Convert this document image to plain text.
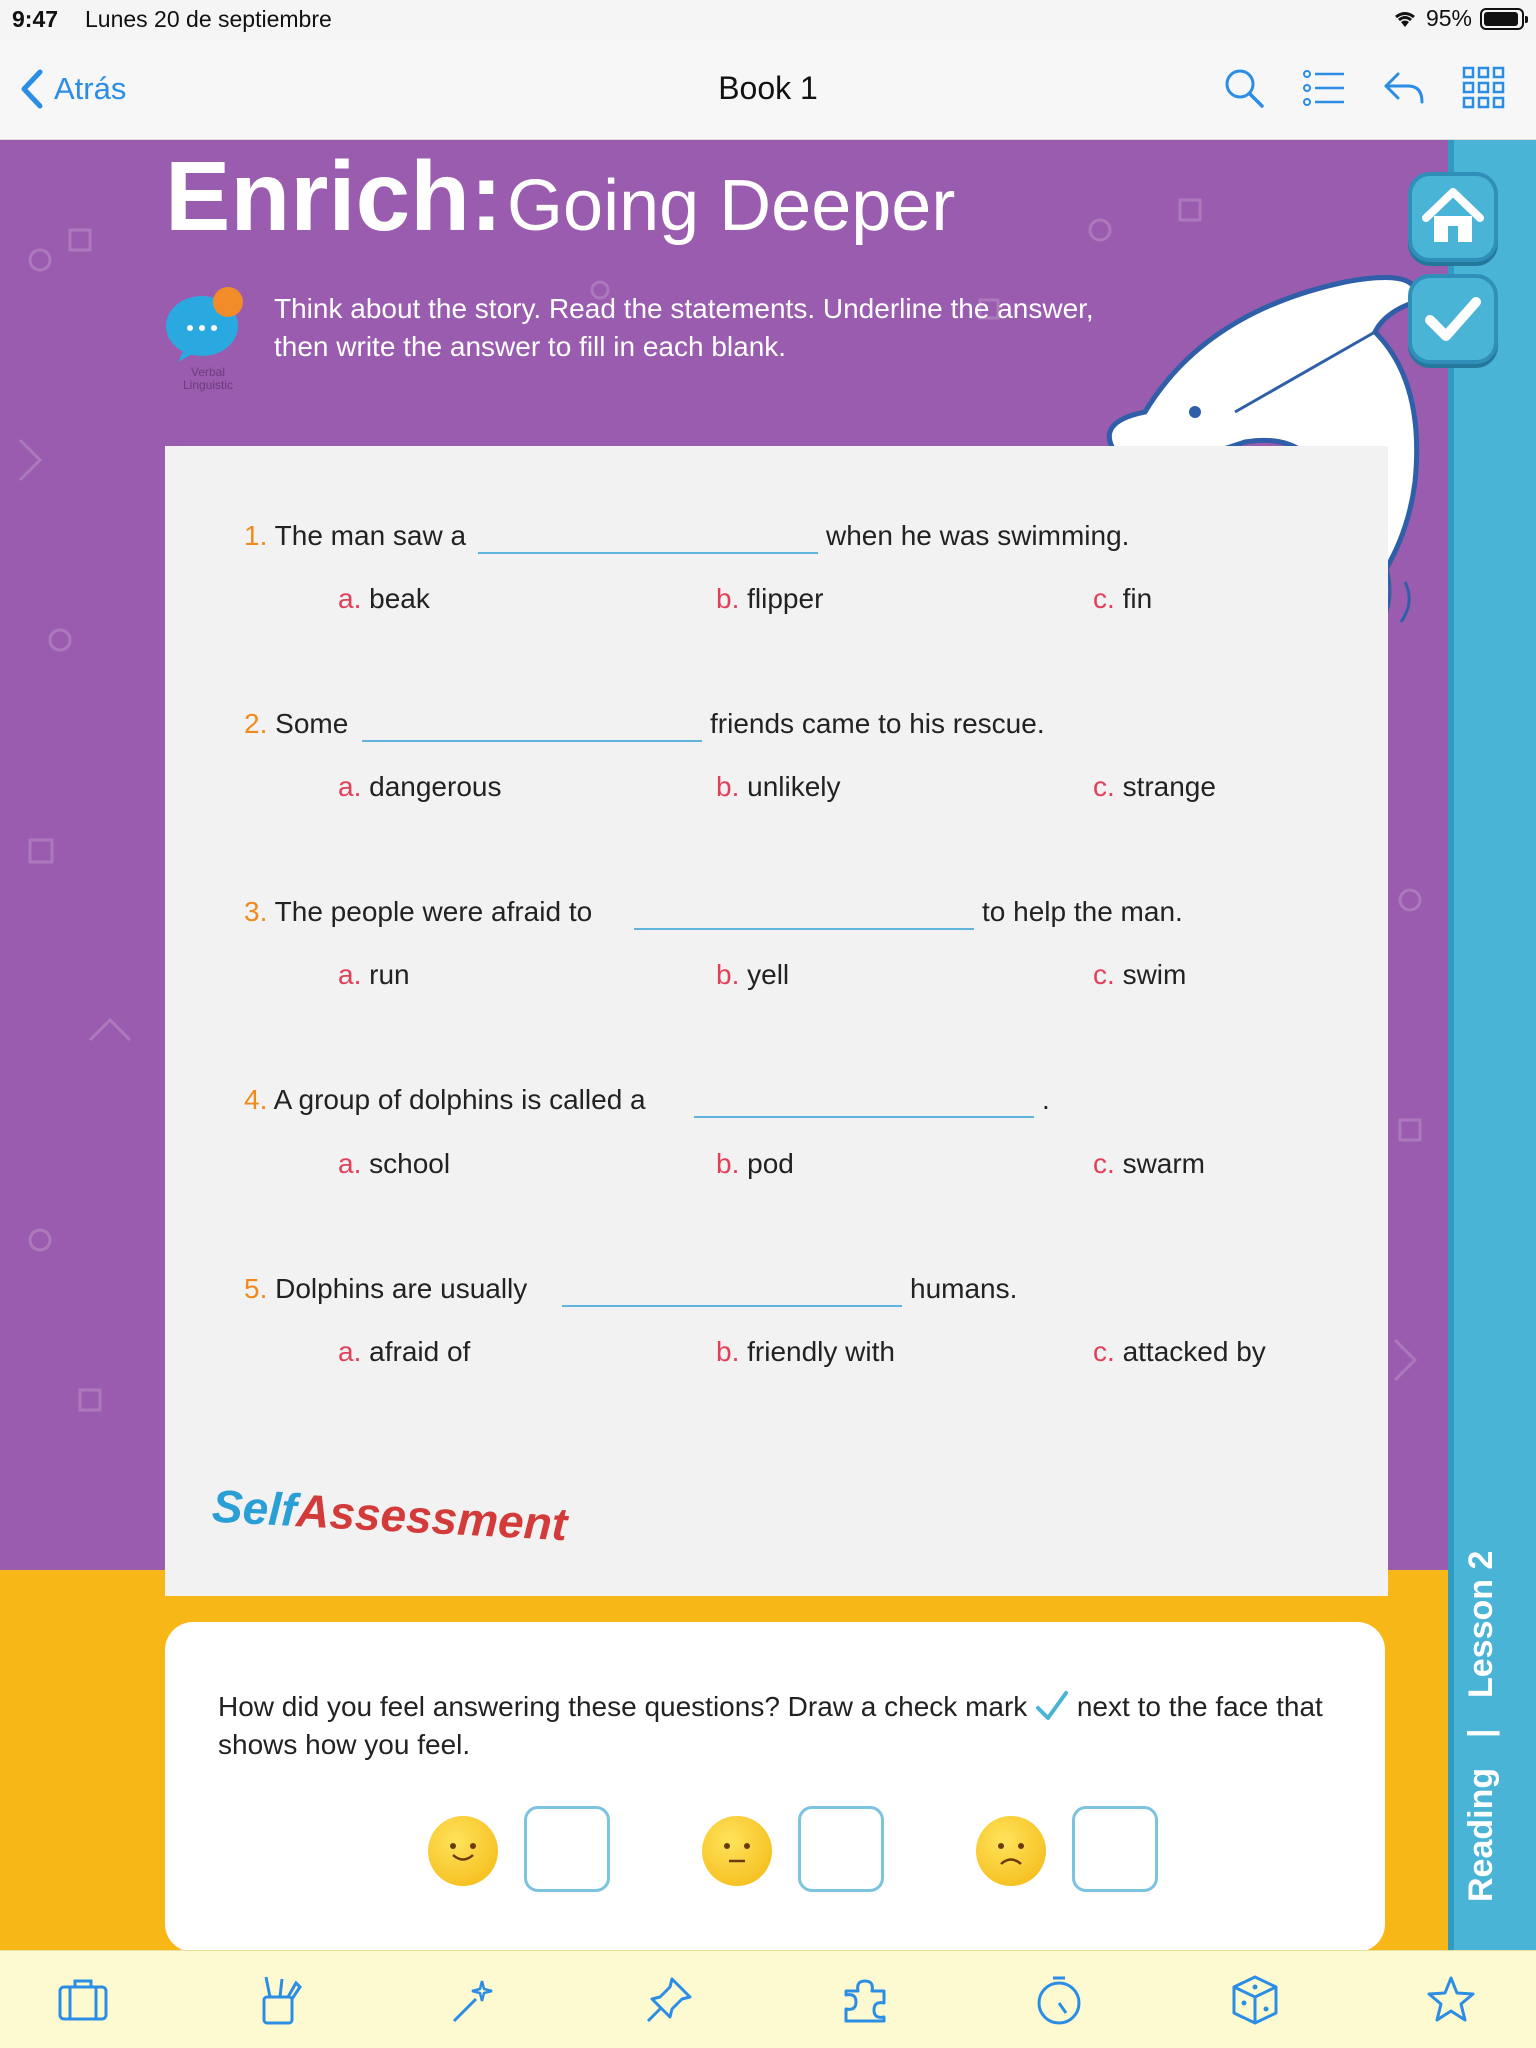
9:47 Lunes 20 de septiembre	95%
Atrás	Book 1
Reading
|
Lesson 2
Enrich: Going Deeper
Verbal Linguistic
Think about the story. Read the statements. Underline the answer, then write the answer to fill in each blank.
1. The man saw a	when he was swimming.
a. beak	b. flipper	c. fin
2. Some	friends came to his rescue.
a. dangerous	b. unlikely	c. strange
3. The people were afraid to	to help the man.
a. run	b. yell	c. swim
4. A group of dolphins is called a	.
a. school	b. pod	c. swarm
5. Dolphins are usually	humans.
a. afraid of	b. friendly with	c. attacked by
SelfAssessment
How did you feel answering these questions? Draw a check mark next to the face that shows how you feel.
